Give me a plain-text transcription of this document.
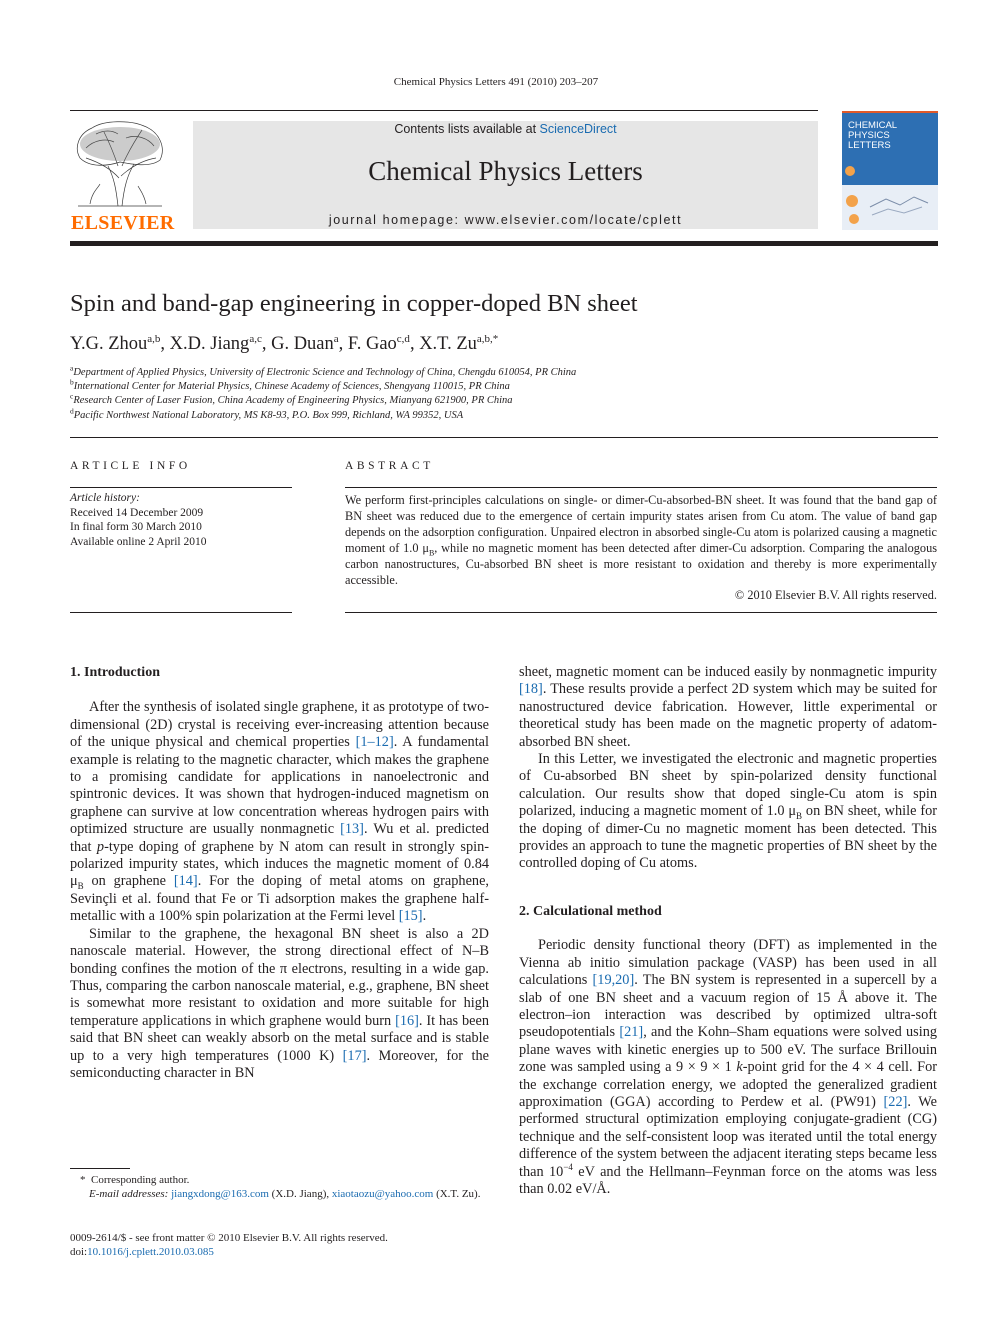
Chemical Physics Letters 491 (2010) 203–207
ELSEVIER
Contents lists available at ScienceDirect
Chemical Physics Letters
journal homepage: www.elsevier.com/locate/cplett
CHEMICAL
PHYSICS
LETTERS
Spin and band-gap engineering in copper-doped BN sheet
Y.G. Zhou$^{a,b}$, X.D. Jiang$^{a,c}$, G. Duan$^a$, F. Gao$^{c,d}$, X.T. $Zu^{a,b,*}$
$^a$Department of Applied Physics, University of Electronic Science and Technology of China, Chengdu 610054, PR China
$^b$International Center for Material Physics, Chinese Academy of Sciences, Shengyang 110015, PR China
$^c$Research Center of Laser Fusion, China Academy of Engineering Physics, Mianyang 621900, PR China
$^d$Pacific Northwest National Laboratory, MS K8-93, P.O. Box 999, Richland, WA 99352, USA
ARTICLE INFO
Article history:
Received 14 December 2009
In final form 30 March 2010
Available online 2 April 2010
ABSTRACT
We perform first-principles calculations on single- or dimer-Cu-absorbed-BN sheet. It was found that the band gap of BN sheet was reduced due to the emergence of certain impurity states arisen from Cu atom. The value of band gap depends on the adsorption configuration. Unpaired electron in absorbed single-Cu atom is polarized causing a magnetic moment of 1.0 $\mu_B$, while no magnetic moment has been detected after dimer-Cu adsorption. Comparing the analogous carbon nanostructures, Cu-absorbed BN sheet is more resistant to oxidation and thereby is more experimentally accessible.
© 2010 Elsevier B.V. All rights reserved.
1. Introduction

After the synthesis of isolated single graphene, it as prototype of two-dimensional (2D) crystal is receiving ever-increasing attention because of the unique physical and chemical properties [1–12]. A fundamental example is relating to the magnetic character, which makes the graphene to a promising candidate for applications in nanoelectronic and spintronic devices. It was shown that hydrogen-induced magnetism on graphene can survive at low concentration whereas hydrogen pairs with optimized structure are usually nonmagnetic [13]. Wu et al. predicted that p-type doping of graphene by N atom can result in strongly spin-polarized impurity states, which induces the magnetic moment of 0.84 $\mu_B$ on graphene [14]. For the doping of metal atoms on graphene, Sevinçli et al. found that Fe or Ti adsorption makes the graphene half-metallic with a 100% spin polarization at the Fermi level [15].

Similar to the graphene, the hexagonal BN sheet is also a 2D nanoscale material. However, the strong directional effect of N–B bonding confines the motion of the π electrons, resulting in a wide gap. Thus, comparing the carbon nanoscale material, e.g., graphene, BN sheet is somewhat more resistant to oxidation and more suitable for high temperature applications in which graphene would burn [16]. It has been said that BN sheet can weakly absorb on the metal surface and is stable up to a very high temperatures (1000 K) [17]. Moreover, for the semiconducting character in BN

sheet, magnetic moment can be induced easily by nonmagnetic impurity [18]. These results provide a perfect 2D system which may be suited for nanostructured device fabrication. However, little experimental or theoretical study has been made on the magnetic property of adatom-absorbed BN sheet.

In this Letter, we investigated the electronic and magnetic properties of Cu-absorbed BN sheet by spin-polarized density functional calculation. Our results show that doped single-Cu atom is spin polarized, inducing a magnetic moment of 1.0 $\mu_B$ on BN sheet, while for the doping of dimer-Cu no magnetic moment has been detected. This provides an approach to tune the magnetic properties of BN sheet by the controlled doping of Cu atoms.

2. Calculational method

Periodic density functional theory (DFT) as implemented in the Vienna ab initio simulation package (VASP) has been used in all calculations [19,20]. The BN system is represented in a supercell by a slab of one BN sheet and a vacuum region of 15 Å above it. The electron–ion interaction was described by optimized ultra-soft pseudopotentials [21], and the Kohn–Sham equations were solved using plane waves with kinetic energies up to 500 eV. The surface Brillouin zone was sampled using a 9 × 9 × 1 k-point grid for the 4 × 4 cell. For the exchange correlation energy, we adopted the generalized gradient approximation (GGA) according to Perdew et al. (PW91) [22]. We performed structural optimization employing conjugate-gradient (CG) technique and the self-consistent loop was iterated until the total energy difference of the system between the adjacent iterating steps became less than $10^{-4}$ eV and the Hellmann–Feynman force on the atoms was less than 0.02 eV/Å.

* Corresponding author.
E-mail addresses: jiangxdong@163.com (X.D. Jiang), xiaotaozu@yahoo.com (X.T. Zu).
0009-2614/$ - see front matter © 2010 Elsevier B.V. All rights reserved.
doi:10.1016/j.cplett.2010.03.085
